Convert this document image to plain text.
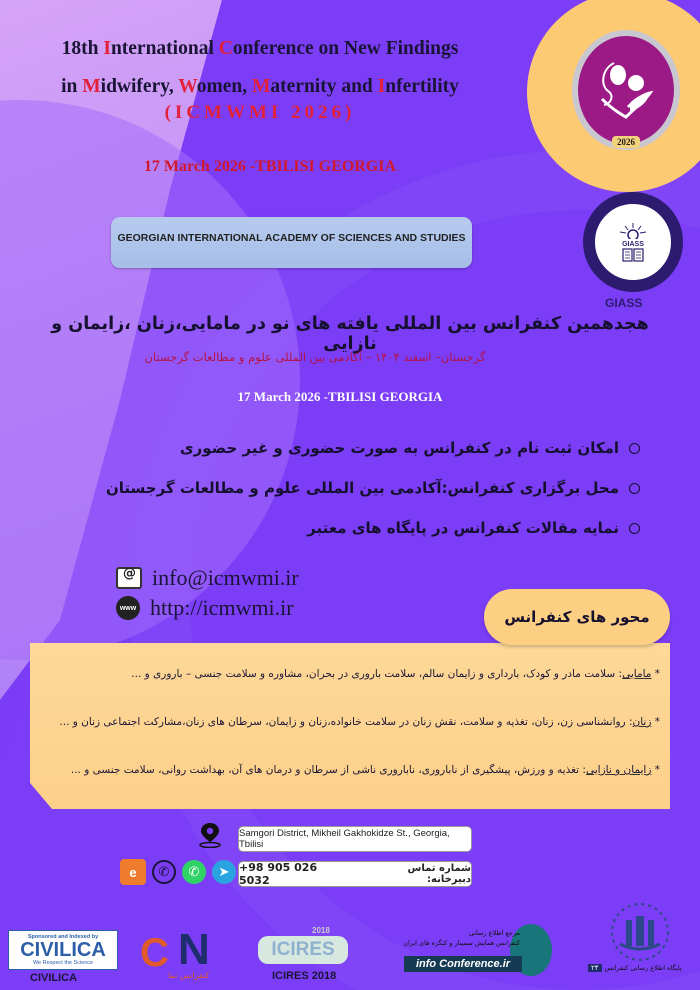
18th International Conference on New Findings
in Midwifery, Women, Maternity and Infertility
(ICMWMI 2026)
17 March 2026 -TBILISI GEORGIA
2026
GIASS
GIASS
GEORGIAN INTERNATIONAL ACADEMY OF SCIENCES AND STUDIES
هجدهمین کنفرانس بین المللی یافته های نو در مامایی،زنان ،زایمان و نازایی
گرجستان– اسفند ۱۴۰۴ – آکادمی بین المللی علوم و مطالعات گرجستان
17 March 2026 -TBILISI GEORGIA
امکان ثبت نام در کنفرانس به صورت حضوری و غیر حضوری
محل برگزاری کنفرانس:آکادمی بین المللی علوم و مطالعات گرجستان
نمایه مقالات کنفرانس در پایگاه های معتبر
@
info@icmwmi.ir
www http://icmwmi.ir	محور های کنفرانس
*

مامایی
: سلامت مادر و کودک، بارداری و زایمان سالم، سلامت باروری در بحران، مشاوره و سلامت جنسی – باروری و ...
*

زنان
: روانشناسی زن، زنان، تغذیه و سلامت، نقش زنان در سلامت خانواده،زنان و زایمان، سرطان های زنان،مشارکت اجتماعی زنان و ...
*

زایمان و نازایی
: تغذیه و ورزش، پیشگیری از ناباروری، ناباروری ناشی از سرطان و درمان های آن، بهداشت روانی، سلامت جنسی و ...
Samgori District, Mikheil Gakhokidze St., Georgia, Tbilisi
شماره تماس دبیرخانه:
+98 905 026 5032
e	✆	✆	➤
Sponsored and Indexed by
CIVILICA
We Respect the Science
CIVILICA
C N
کنفرانس نما
ICIRES
2018
ICIRES 2018
مرجع اطلاع رسانی
کنفرانس همایش سمینار و کنگره های ایران
info Conference.ir	پایگاه اطلاع رسانی کنفرانس
۲۴
